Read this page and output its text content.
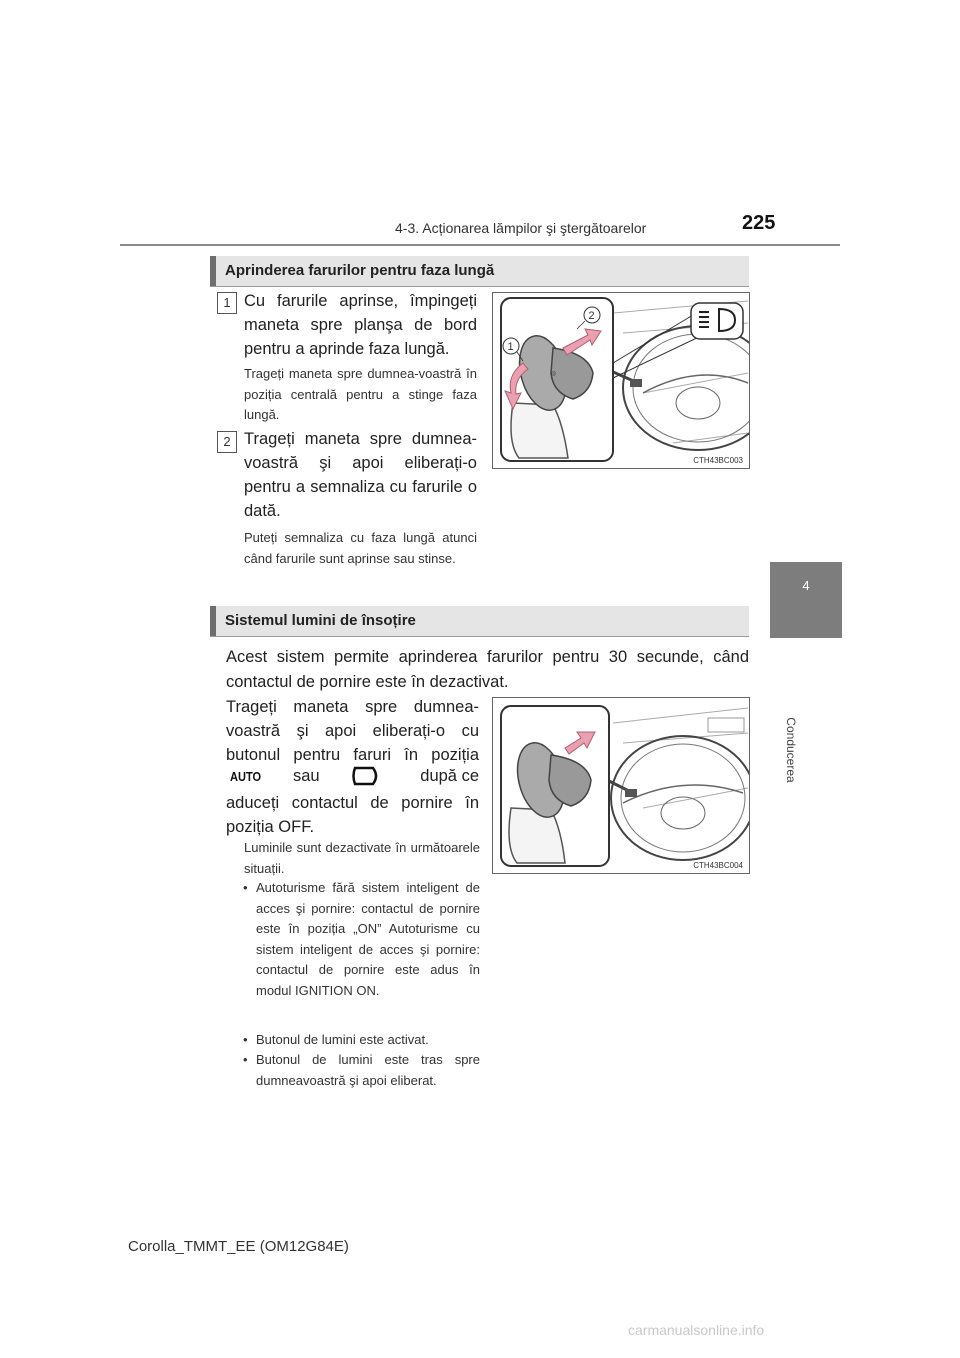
4-3. Acționarea lămpilor şi ştergătoarelor	225
4
Conducerea
Aprinderea farurilor pentru faza lungă
1 Cu farurile aprinse, împingeți maneta spre planşa de bord pentru a aprinde faza lungă.
Trageți maneta spre dumnea-voastră în poziția centrală pentru a stinge faza lungă.
2 Trageți maneta spre dumnea-voastră şi apoi eliberați-o pentru a semnaliza cu farurile o dată.
Puteți semnaliza cu faza lungă atunci când farurile sunt aprinse sau stinse.
◎
2
1
CTH43BC003
Sistemul lumini de însoțire
Acest sistem permite aprinderea farurilor pentru 30 secunde, când contactul de pornire este în dezactivat.
Trageți maneta spre dumnea-
voastră şi apoi eliberați-o cu
butonul pentru faruri în poziția
AUTO sau	după ce
aduceți contactul de pornire în
poziția OFF.
Luminile sunt dezactivate în următoarele situații.
• Autoturisme fără sistem inteligent de acces şi pornire: contactul de pornire este în poziția „ON” Autoturisme cu sistem inteligent de acces şi pornire: contactul de pornire este adus în modul IGNITION ON.
• Butonul de lumini este activat.
• Butonul de lumini este tras spre dumneavoastră şi apoi eliberat.
CTH43BC004
Corolla_TMMT_EE (OM12G84E)
carmanualsonline.info
